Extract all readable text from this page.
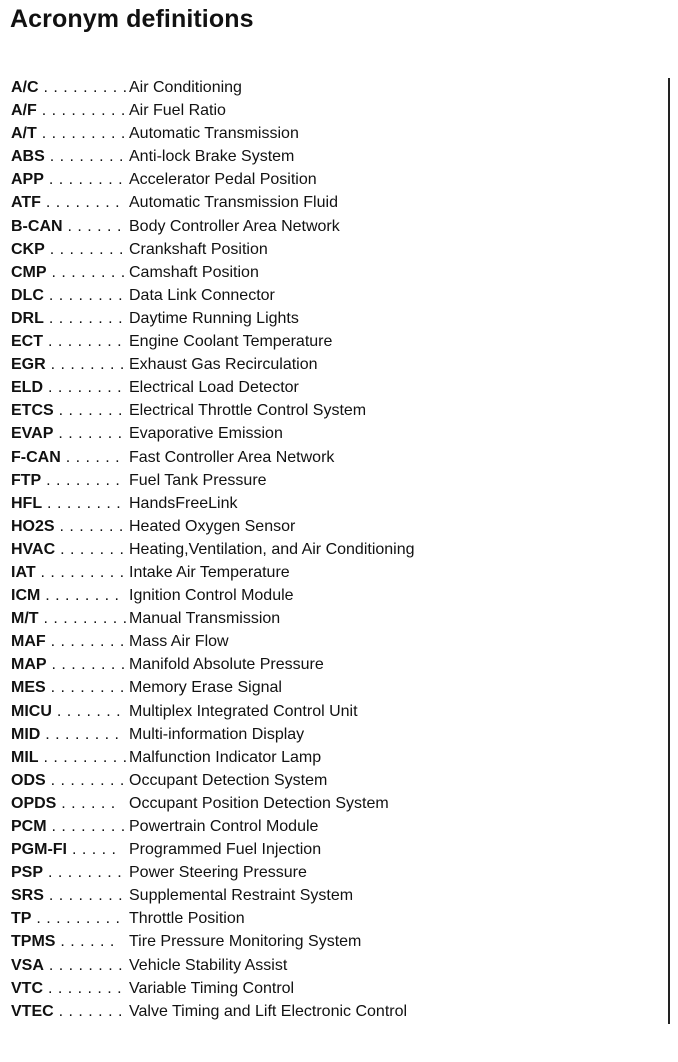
Acronym definitions
A/C . . . . . . . . . Air Conditioning
A/F . . . . . . . . . Air Fuel Ratio
A/T . . . . . . . . . Automatic Transmission
ABS . . . . . . . . Anti-lock Brake System
APP . . . . . . . . Accelerator Pedal Position
ATF . . . . . . . . Automatic Transmission Fluid
B-CAN . . . . . . Body Controller Area Network
CKP . . . . . . . . Crankshaft Position
CMP . . . . . . . . Camshaft Position
DLC . . . . . . . . Data Link Connector
DRL . . . . . . . . Daytime Running Lights
ECT . . . . . . . . Engine Coolant Temperature
EGR . . . . . . . . Exhaust Gas Recirculation
ELD . . . . . . . . Electrical Load Detector
ETCS . . . . . . . Electrical Throttle Control System
EVAP . . . . . . . Evaporative Emission
F-CAN . . . . . . Fast Controller Area Network
FTP . . . . . . . . Fuel Tank Pressure
HFL . . . . . . . . HandsFreeLink
HO2S . . . . . . . Heated Oxygen Sensor
HVAC . . . . . . . Heating,Ventilation, and Air Conditioning
IAT . . . . . . . . . Intake Air Temperature
ICM . . . . . . . . Ignition Control Module
M/T . . . . . . . . . Manual Transmission
MAF . . . . . . . . Mass Air Flow
MAP . . . . . . . . Manifold Absolute Pressure
MES . . . . . . . . Memory Erase Signal
MICU . . . . . . . Multiplex Integrated Control Unit
MID . . . . . . . . Multi-information Display
MIL . . . . . . . . . Malfunction Indicator Lamp
ODS . . . . . . . . Occupant Detection System
OPDS . . . . . . Occupant Position Detection System
PCM . . . . . . . . Powertrain Control Module
PGM-FI . . . . . Programmed Fuel Injection
PSP . . . . . . . . Power Steering Pressure
SRS . . . . . . . . Supplemental Restraint System
TP . . . . . . . . . Throttle Position
TPMS . . . . . . Tire Pressure Monitoring System
VSA . . . . . . . . Vehicle Stability Assist
VTC . . . . . . . . Variable Timing Control
VTEC . . . . . . . Valve Timing and Lift Electronic Control
